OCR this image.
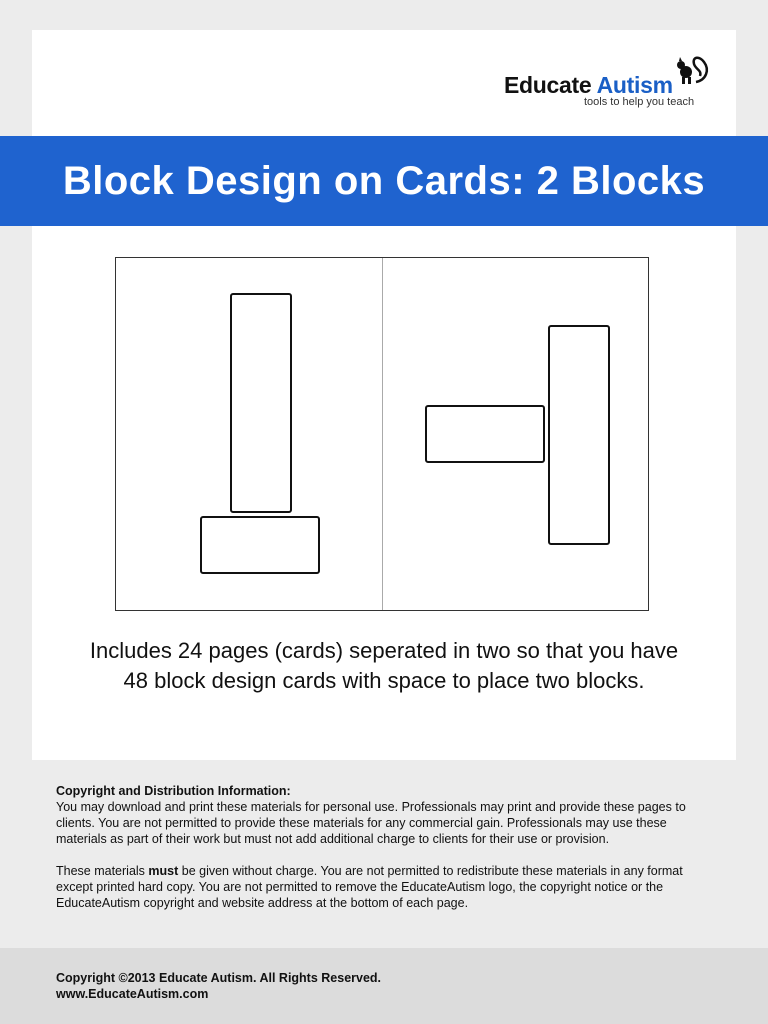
Educate Autism
tools to help you teach
Block Design on Cards: 2 Blocks
Includes 24 pages (cards) seperated in two so that you have
48 block design cards with space to place two blocks.
Copyright and Distribution Information:

You may download and print these materials for personal use. Professionals may print and provide these pages to clients. You are not permitted to provide these materials for any commercial gain. Professionals may use these materials as part of their work but must not add additional charge to clients for their use or provision.

These materials must be given without charge. You are not permitted to redistribute these materials in any format except printed hard copy. You are not permitted to remove the EducateAutism logo, the copyright notice or the EducateAutism copyright and website address at the bottom of each page.

Copyright ©2013 Educate Autism. All Rights Reserved.
www.EducateAutism.com
